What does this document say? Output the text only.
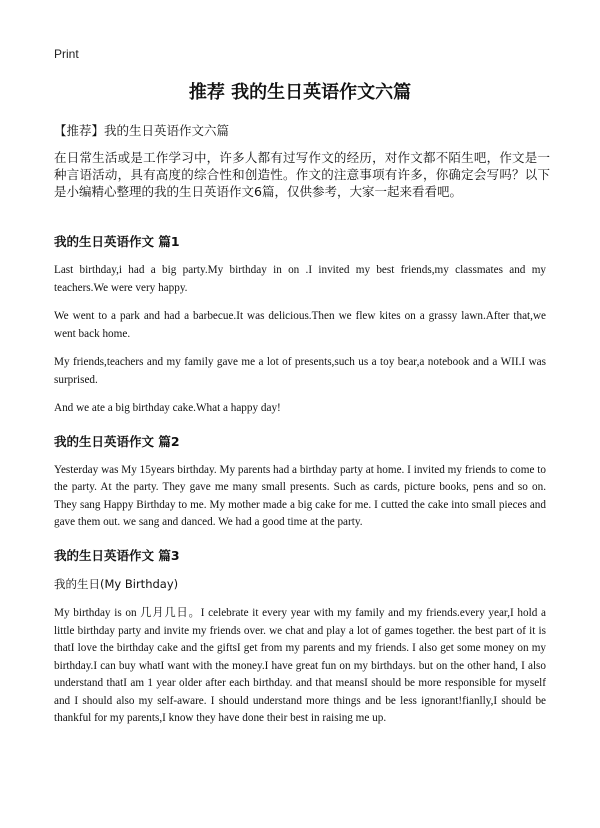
Print
推荐 我的生日英语作文六篇
【推荐】我的生日英语作文六篇
在日常生活或是工作学习中，许多人都有过写作文的经历，对作文都不陌生吧，作文是一种言语活动，具有高度的综合性和创造性。作文的注意事项有许多，你确定会写吗？以下是小编精心整理的我的生日英语作文6篇，仅供参考，大家一起来看看吧。
我的生日英语作文 篇1
Last birthday,i had a big party.My birthday in on .I invited my best friends,my classmates and my teachers.We were very happy.
We went to a park and had a barbecue.It was delicious.Then we flew kites on a grassy lawn.After that,we went back home.
My friends,teachers and my family gave me a lot of presents,such us a toy bear,a notebook and a WII.I was surprised.
And we ate a big birthday cake.What a happy day!
我的生日英语作文 篇2
Yesterday was My 15years birthday. My parents had a birthday party at home. I invited my friends to come to the party. At the party. They gave me many small presents. Such as cards, picture books, pens and so on. They sang Happy Birthday to me. My mother made a big cake for me. I cutted the cake into small pieces and gave them out. we sang and danced. We had a good time at the party.
我的生日英语作文 篇3
我的生日(My Birthday)
My birthday is on 几月几日。I celebrate it every year with my family and my friends.every year,I hold a little birthday party and invite my friends over. we chat and play a lot of games together. the best part of it is thatI love the birthday cake and the giftsI get from my parents and my friends. I also get some money on my birthday.I can buy whatI want with the money.I have great fun on my birthdays. but on the other hand, I also understand thatI am 1 year older after each birthday. and that meansI should be more responsible for myself and I should also my self-aware. I should understand more things and be less ignorant!fianlly,I should be thankful for my parents,I know they have done their best in raising me up.
